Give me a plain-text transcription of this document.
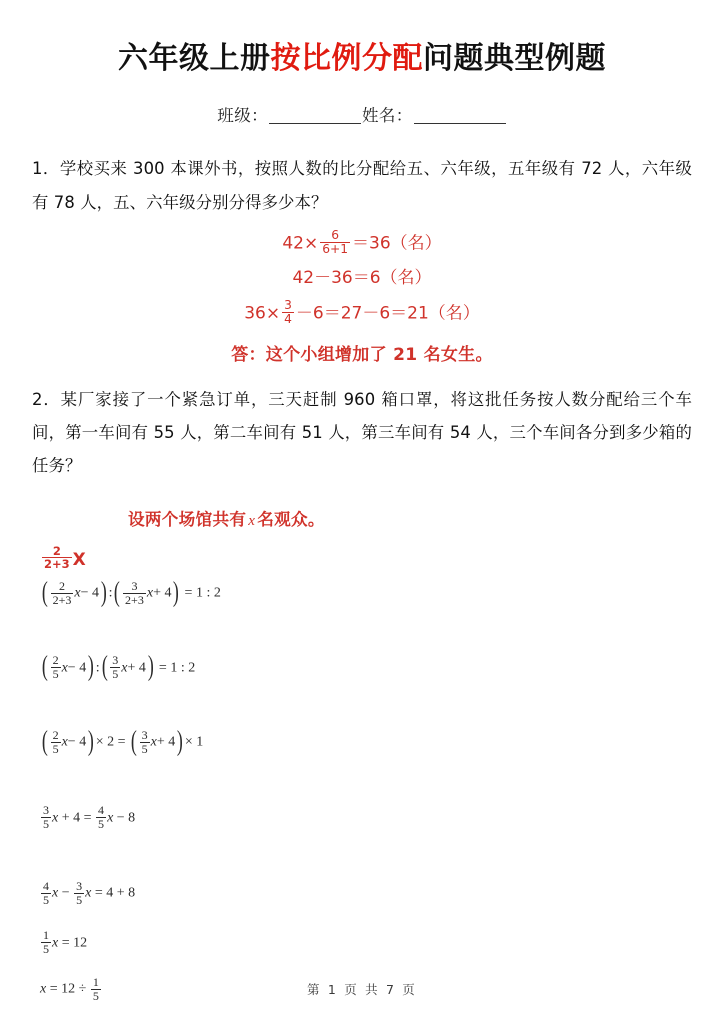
六年级上册按比例分配问题典型例题
班级：	姓名：
1．学校买来 300 本课外书，按照人数的比分配给五、六年级，五年级有 72 人，六年级有 78 人，五、六年级分别分得多少本？
$42\times \frac{6}{6+1} =36$（名）
42－36＝6（名）
$36\times \frac{3}{4} -6=27-6=21$（名）
答：这个小组增加了 21 名女生。
2．某厂家接了一个紧急订单，三天赶制 960 箱口罩，将这批任务按人数分配给三个车间，第一车间有 55 人，第二车间有 51 人，第三车间有 54 人，三个车间各分到多少箱的任务？
设两个场馆共有 x 名观众。
$\frac{2}{2+3}$ X
( $\frac{2}{2+3} x- 4$) :( $\frac{3}{2+3} x+ 4) = 1$ : 2
( $\frac{2}{5} x- 4$) :( $\frac{3}{5} x+ 4) = 1$ : 2
( $\frac{2}{5} x- 4) \times 2$ = ( $\frac{3}{5} x+ 4) \times 1$
$\frac{3}{5}$ $x + 4 = \frac{4}{5}$ x − 8
$\frac{4}{5}$ $x - \frac{3}{5}$ x = 4 + 8
$\frac{1}{5}$ x = 12
$x = 12 \div \frac{1}{5}$	第 1 页 共 7 页
